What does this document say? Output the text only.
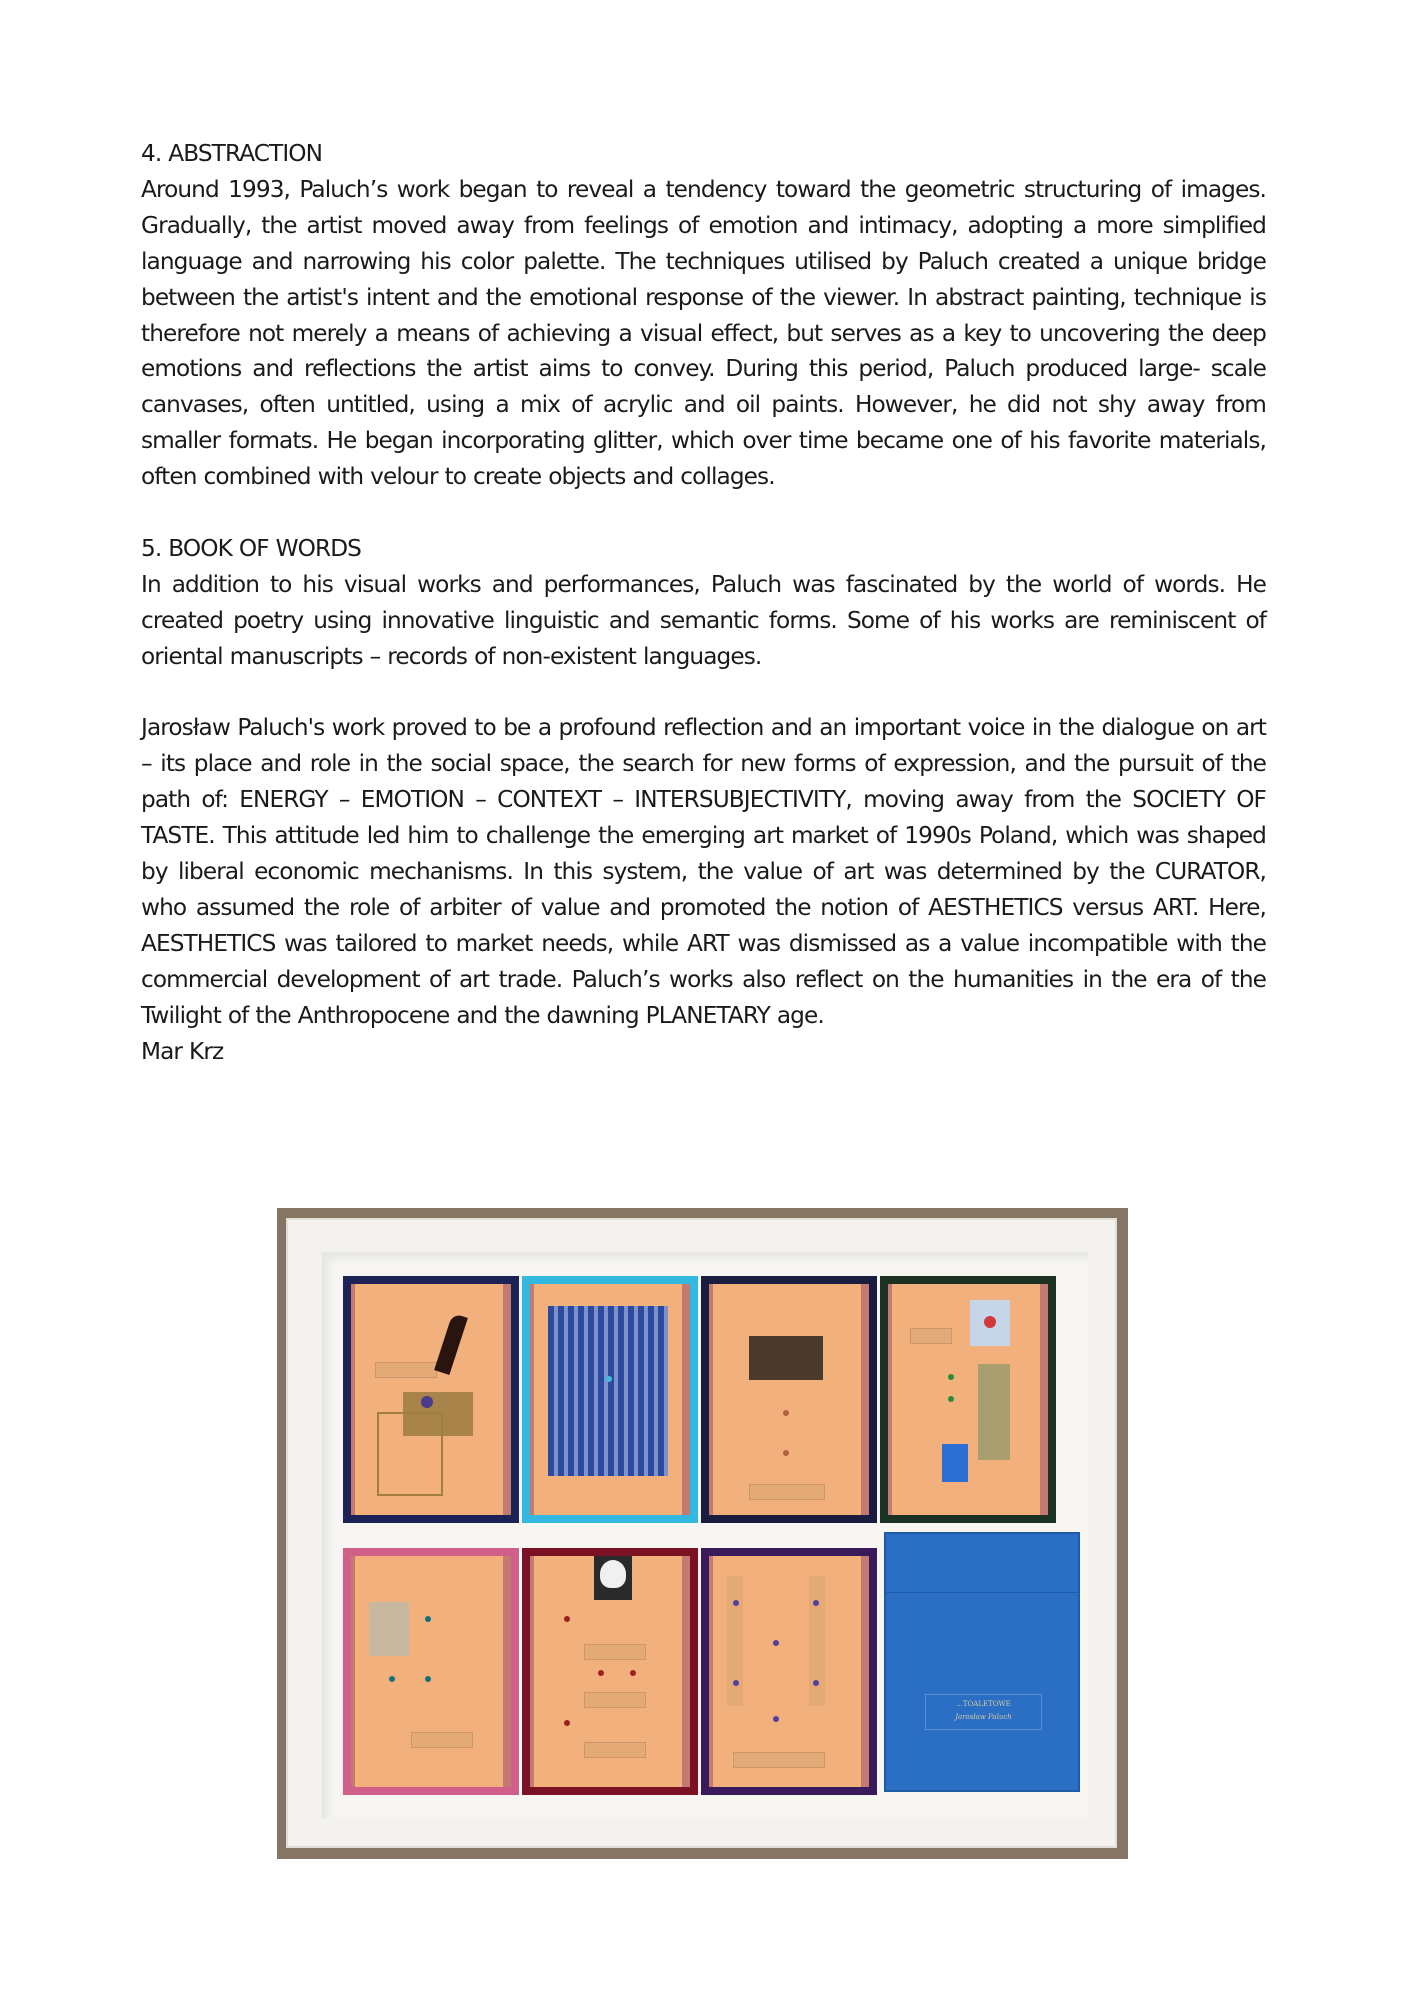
4. ABSTRACTION

Around 1993, Paluch’s work began to reveal a tendency toward the geometric structuring of images. Gradually, the artist moved away from feelings of emotion and intimacy, adopting a more simplified language and narrowing his color palette. The techniques utilised by Paluch created a unique bridge between the artist's intent and the emotional response of the viewer. In abstract painting, technique is therefore not merely a means of achieving a visual effect, but serves as a key to uncovering the deep emotions and reflections the artist aims to convey. During this period, Paluch produced large- scale canvases, often untitled, using a mix of acrylic and oil paints. However, he did not shy away from smaller formats. He began incorporating glitter, which over time became one of his favorite materials, often combined with velour to create objects and collages.

5. BOOK OF WORDS

In addition to his visual works and performances, Paluch was fascinated by the world of words. He created poetry using innovative linguistic and semantic forms. Some of his works are reminiscent of oriental manuscripts – records of non-existent languages.

Jarosław Paluch's work proved to be a profound reflection and an important voice in the dialogue on art – its place and role in the social space, the search for new forms of expression, and the pursuit of the path of: ENERGY – EMOTION – CONTEXT – INTERSUBJECTIVITY, moving away from the SOCIETY OF TASTE. This attitude led him to challenge the emerging art market of 1990s Poland, which was shaped by liberal economic mechanisms. In this system, the value of art was determined by the CURATOR, who assumed the role of arbiter of value and promoted the notion of AESTHETICS versus ART. Here, AESTHETICS was tailored to market needs, while ART was dismissed as a value incompatible with the commercial development of art trade. Paluch’s works also reflect on the humanities in the era of the Twilight of the Anthropocene and the dawning PLANETARY age.

Mar Krz

...TOALETOWE
Jarosław Paluch
